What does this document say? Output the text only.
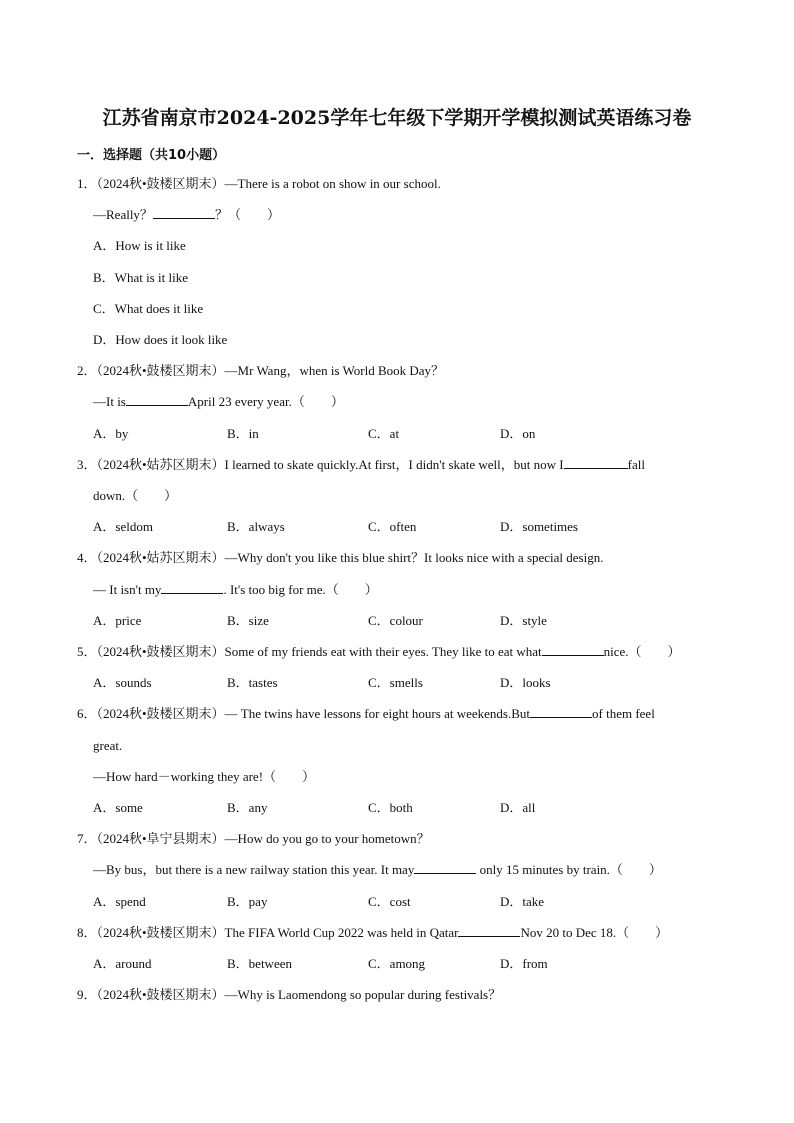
江苏省南京市2024-2025学年七年级下学期开学模拟测试英语练习卷
一．选择题（共10小题）
1．（2024秋•鼓楼区期末）—There is a robot on show in our school.
—Really？	？（　　）
A．How is it like
B．What is it like
C．What does it like
D．How does it look like
2．（2024秋•鼓楼区期末）—Mr Wang，when is World Book Day？
—It is	April 23 every year.（　　）
A．by	B．in	C．at	D．on
3．（2024秋•姑苏区期末）I learned to skate quickly.At first，I didn't skate well，but now I	fall
down.（　　）
A．seldom	B．always	C．often	D．sometimes
4．（2024秋•姑苏区期末）—Why don't you like this blue shirt？It looks nice with a special design.
— It isn't my	. It's too big for me.（　　）
A．price	B．size	C．colour	D．style
5．（2024秋•鼓楼区期末）Some of my friends eat with their eyes. They like to eat what	nice.（　　）
A．sounds	B．tastes	C．smells	D．looks
6．（2024秋•鼓楼区期末）— The twins have lessons for eight hours at weekends.But	of them feel
great.
—How hard－working they are!（　　）
A．some	B．any	C．both	D．all
7．（2024秋•阜宁县期末）—How do you go to your hometown？
—By bus，but there is a new railway station this year. It may	only 15 minutes by train.（　　）
A．spend	B．pay	C．cost	D．take
8．（2024秋•鼓楼区期末）The FIFA World Cup 2022 was held in Qatar	Nov 20 to Dec 18.（　　）
A．around	B．between	C．among	D．from
9．（2024秋•鼓楼区期末）—Why is Laomendong so popular during festivals？
